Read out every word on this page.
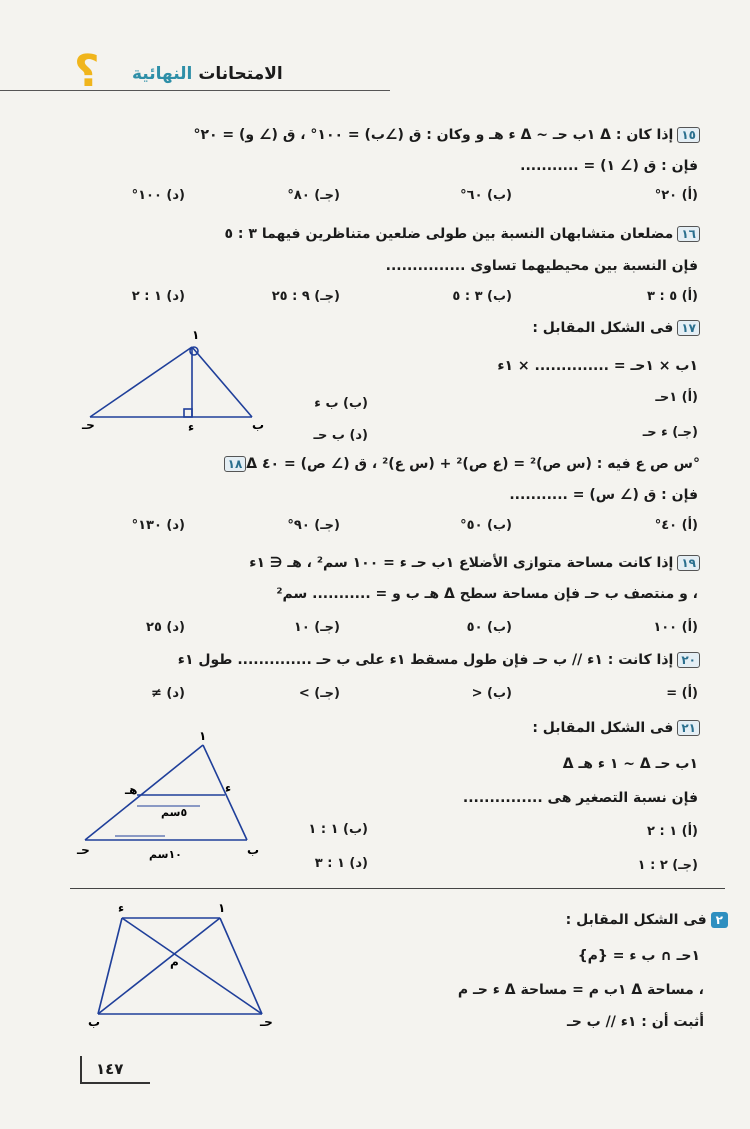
؟	الامتحانات النهائية
١٥إذا كان : Δ ١ب حـ ~ Δ ء هـ و وكان : ق (∠ب) = ١٠٠° ، ق (∠ و) = ٢٠°
فإن : ق (∠ ١) = ...........
(أ) ٢٠°
(ب) ٦٠°
(جـ) ٨٠°
(د) ١٠٠°
١٦مضلعان متشابهان النسبة بين طولى ضلعين متناظرين فيهما ٣ : ٥
فإن النسبة بين محيطيهما تساوى ...............
(أ) ٥ : ٣
(ب) ٣ : ٥
(جـ) ٩ : ٢٥
(د) ١ : ٢
١٧فى الشكل المقابل :
١ب × ١حـ = .............. × ١ء
(أ) ١حـ
(ب) ب ء
(جـ) ء حـ
(د) ب حـ
١
حـ	ب
ء
١٨ Δ س ص ع فيه : (س ص)² = (ع ص)² + (س ع)² ، ق (∠ ص) = ٤٠°
فإن : ق (∠ س) = ...........
(أ) ٤٠°
(ب) ٥٠°
(جـ) ٩٠°
(د) ١٣٠°
١٩إذا كانت مساحة متوازى الأضلاع ١ب حـ ء = ١٠٠ سم² ، هـ ∈ ١ء
، و منتصف ب حـ فإن مساحة سطح Δ هـ ب و = ........... سم²
(أ) ١٠٠
(ب) ٥٠
(جـ) ١٠
(د) ٢٥
٢٠إذا كانت : ١ء // ب حـ فإن طول مسقط ١ء على ب حـ .............. طول ١ء
(أ) =
(ب) <
(جـ) >
(د) ≠
٢١فى الشكل المقابل :
Δ ١ ء هـ ~ Δ ١ب حـ
فإن نسبة التصغير هى ...............
(أ) ١ : ٢
(ب) ١ : ١
(جـ) ٢ : ١
(د) ١ : ٣
١
ء
هـ
حـ	ب
٥سم
١٠سم
٢فى الشكل المقابل :
١حـ ∩ ب ء = {م}
، مساحة Δ ١ب م = مساحة Δ ء حـ م
أثبت أن : ١ء // ب حـ
ء	١
ب	حـ
م
١٤٧
